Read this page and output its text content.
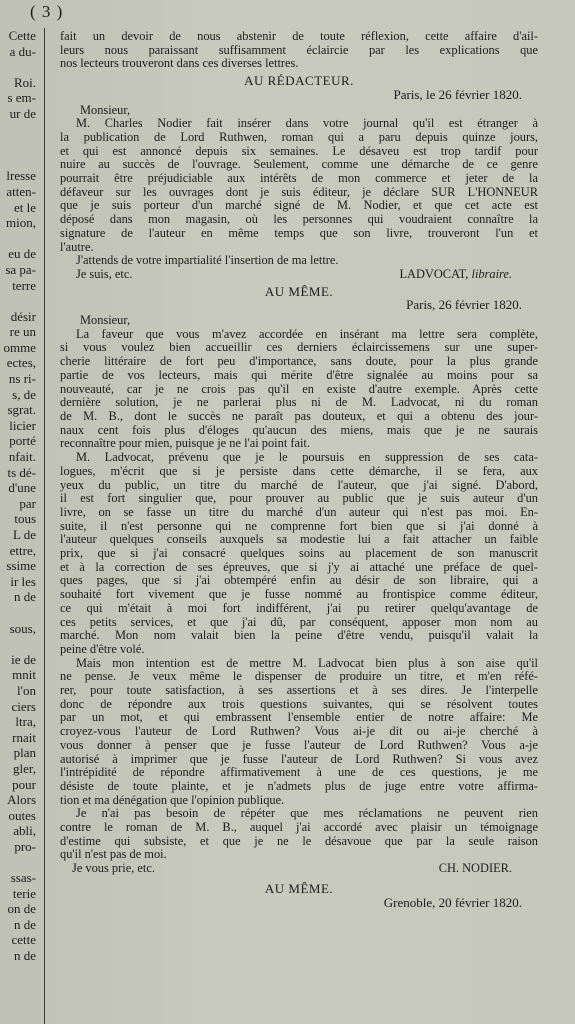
( 3 )
Cette
a du-

Roi.
s em-
ur de

lresse
atten-
et le
mion,

eu de
sa pa-
terre

désir
re un
omme
ectes,
ns ri-
s, de
sgrat.
licier
porté
nfait.
ts dé-
d'une
par
tous
L de
ettre,
ssime
ir les
n de

sous,

ie de
mnit
l'on
ciers
ltra,
rnait
plan
gler,
pour
Alors
outes
abli,
pro-

ssas-
terie
on de
n de
cette
n de
fait un devoir de nous abstenir de toute réflexion, cette affaire d'ail-
leurs nous paraissant suffisamment éclaircie par les explications que
nos lecteurs trouveront dans ces diverses lettres.
AU RÉDACTEUR.
Paris, le 26 février 1820.
Monsieur,
M. Charles Nodier fait insérer dans votre journal qu'il est étranger à
la publication de Lord Ruthwen, roman qui a paru depuis quinze jours,
et qui est annoncé depuis six semaines. Le désaveu est trop tardif pour
nuire au succès de l'ouvrage. Seulement, comme une démarche de ce genre
pourrait être préjudiciable aux intérêts de mon commerce et jeter de la
défaveur sur les ouvrages dont je suis éditeur, je déclare SUR L'HONNEUR
que je suis porteur d'un marché signé de M. Nodier, et que cet acte est
déposé dans mon magasin, où les personnes qui voudraient connaître la
signature de l'auteur en même temps que son livre, trouveront l'un et
l'autre.

J'attends de votre impartialité l'insertion de ma lettre.

Je suis, etc.	LADVOCAT, libraire.
AU MÊME.
Paris, 26 février 1820.
Monsieur,
La faveur que vous m'avez accordée en insérant ma lettre sera complète,
si vous voulez bien accueillir ces derniers éclaircissemens sur une super-
cherie littéraire de fort peu d'importance, sans doute, pour la plus grande
partie de vos lecteurs, mais qui mérite d'être signalée au moins pour sa
nouveauté, car je ne crois pas qu'il en existe d'autre exemple. Après cette
dernière solution, je ne parlerai plus ni de M. Ladvocat, ni du roman
de M. B., dont le succès ne paraît pas douteux, et qui a obtenu des jour-
naux cent fois plus d'éloges qu'aucun des miens, mais que je ne saurais
reconnaître pour mien, puisque je ne l'ai point fait.
M. Ladvocat, prévenu que je le poursuis en suppression de ses cata-
logues, m'écrit que si je persiste dans cette démarche, il se fera, aux
yeux du public, un titre du marché de l'auteur, que j'ai signé. D'abord,
il est fort singulier que, pour prouver au public que je suis auteur d'un
livre, on se fasse un titre du marché d'un auteur qui n'est pas moi. En-
suite, il n'est personne qui ne comprenne fort bien que si j'ai donné à
l'auteur quelques conseils auxquels sa modestie lui a fait attacher un faible
prix, que si j'ai consacré quelques soins au placement de son manuscrit
et à la correction de ses épreuves, que si j'y ai attaché une préface de quel-
ques pages, que si j'ai obtempéré enfin au désir de son libraire, qui a
souhaité fort vivement que je fusse nommé au frontispice comme éditeur,
ce qui m'était à moi fort indifférent, j'ai pu retirer quelqu'avantage de
ces petits services, et que j'ai dû, par conséquent, apposer mon nom au
marché. Mon nom valait bien la peine d'être vendu, puisqu'il valait la
peine d'être volé.
Mais mon intention est de mettre M. Ladvocat bien plus à son aise qu'il
ne pense. Je veux même le dispenser de produire un titre, et m'en réfé-
rer, pour toute satisfaction, à ses assertions et à ses dires. Je l'interpelle
donc de répondre aux trois questions suivantes, qui se résolvent toutes
par un mot, et qui embrassent l'ensemble entier de notre affaire: Me
croyez-vous l'auteur de Lord Ruthwen? Vous ai-je dit ou ai-je cherché à
vous donner à penser que je fusse l'auteur de Lord Ruthwen? Vous a-je
autorisé à imprimer que je fusse l'auteur de Lord Ruthwen? Si vous avez
l'intrépidité de répondre affirmativement à une de ces questions, je me
désiste de toute plainte, et je n'admets plus de juge entre votre affirma-
tion et ma dénégation que l'opinion publique.
Je n'ai pas besoin de répéter que mes réclamations ne peuvent rien
contre le roman de M. B., auquel j'ai accordé avec plaisir un témoignage
d'estime qui subsiste, et que je ne le désavoue que par la seule raison
qu'il n'est pas de moi.
Je vous prie, etc.	CH. NODIER.
AU MÊME.
Grenoble, 20 février 1820.
